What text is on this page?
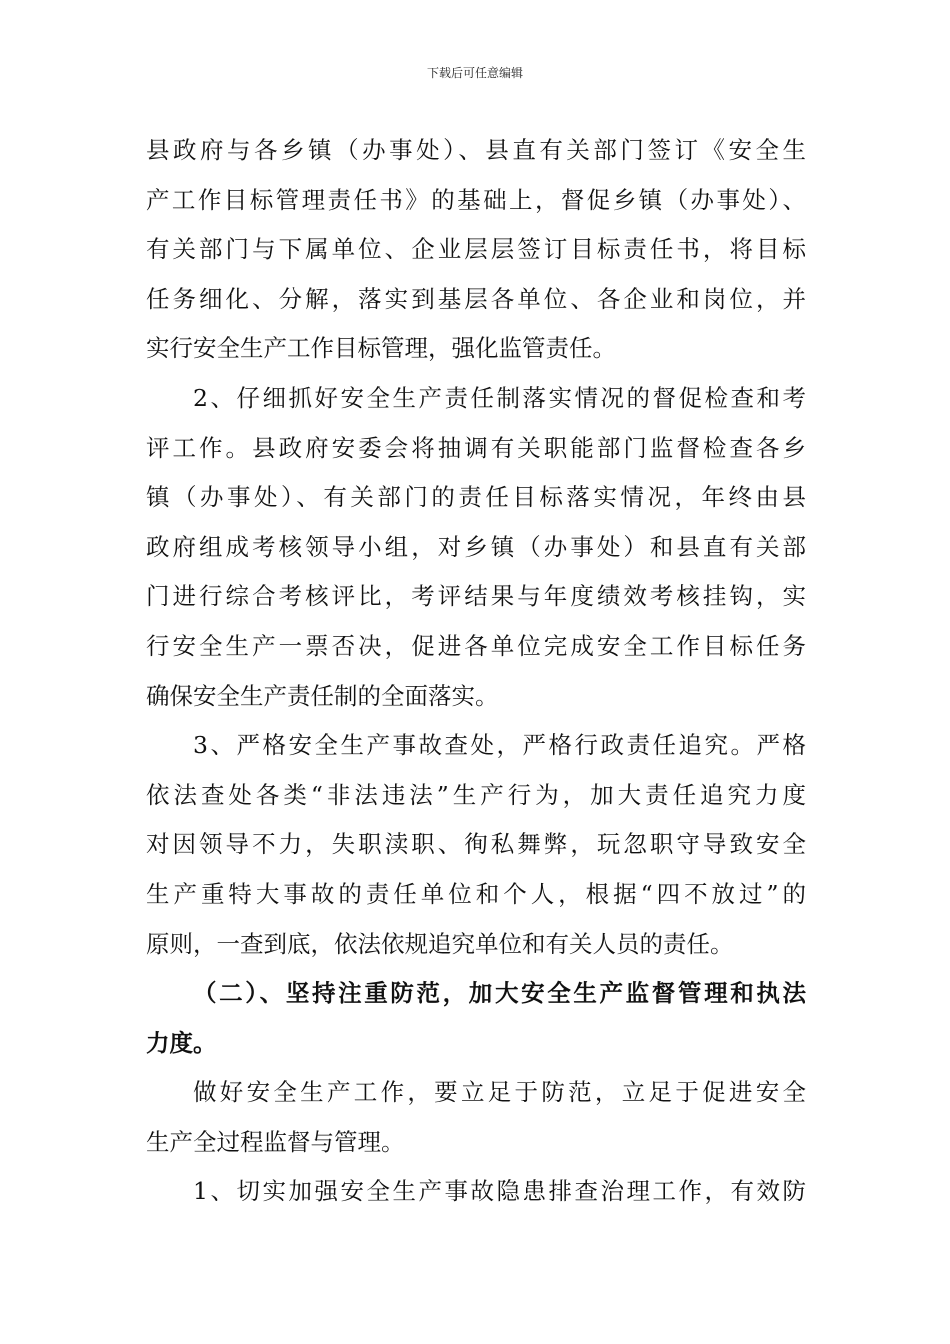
下载后可任意编辑
县政府与各乡镇（办事处）、县直有关部门签订《安全生
产工作目标管理责任书》的基础上，督促乡镇（办事处）、
有关部门与下属单位、企业层层签订目标责任书，将目标
任务细化、分解，落实到基层各单位、各企业和岗位，并
实行安全生产工作目标管理，强化监管责任。
2、仔细抓好安全生产责任制落实情况的督促检查和考
评工作。县政府安委会将抽调有关职能部门监督检查各乡
镇（办事处）、有关部门的责任目标落实情况，年终由县
政府组成考核领导小组，对乡镇（办事处）和县直有关部
门进行综合考核评比，考评结果与年度绩效考核挂钩，实
行安全生产一票否决，促进各单位完成安全工作目标任务
确保安全生产责任制的全面落实。
3、严格安全生产事故查处，严格行政责任追究。严格
依法查处各类“非法违法”生产行为，加大责任追究力度
对因领导不力，失职渎职、徇私舞弊，玩忽职守导致安全
生产重特大事故的责任单位和个人，根据“四不放过”的
原则，一查到底，依法依规追究单位和有关人员的责任。
（二）、坚持注重防范，加大安全生产监督管理和执法
力度。
做好安全生产工作，要立足于防范，立足于促进安全
生产全过程监督与管理。
1、切实加强安全生产事故隐患排查治理工作，有效防
